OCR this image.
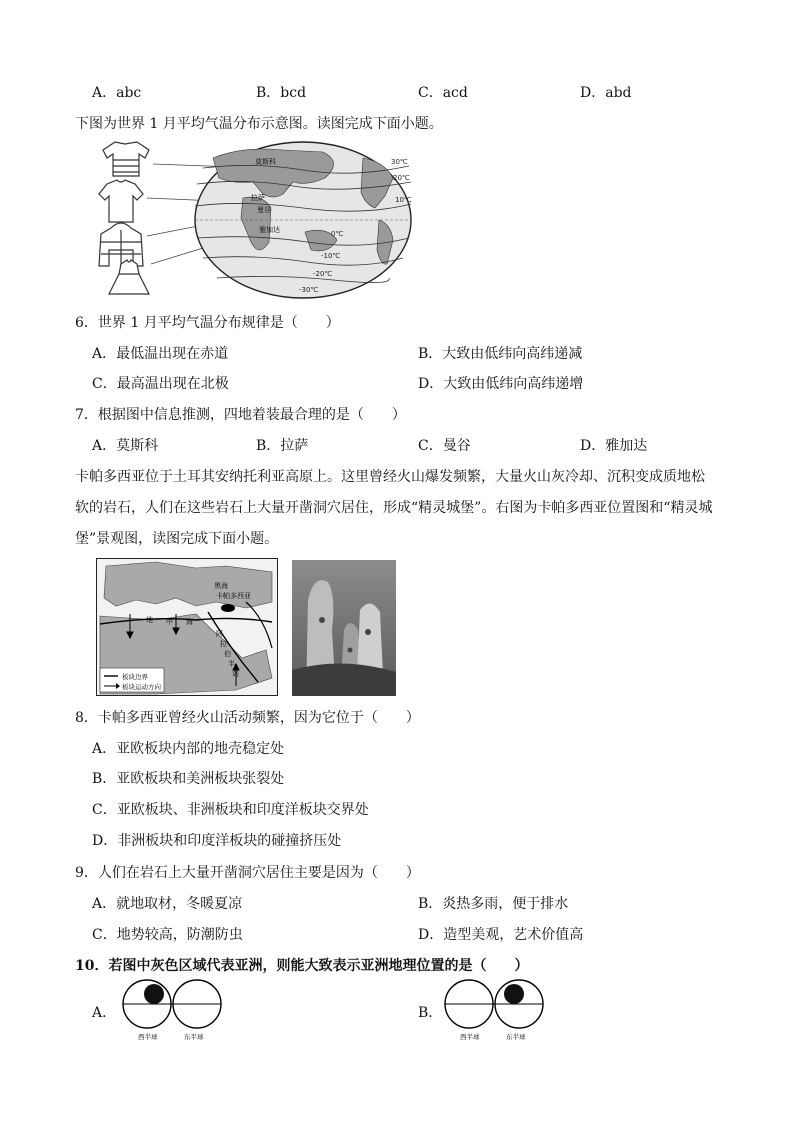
A．abc	B．bcd	C．acd	D．abd
下图为世界 1 月平均气温分布示意图。读图完成下面小题。
30℃
20℃
10℃
0℃
-10℃
-20℃
-30℃
莫斯科
拉萨
曼谷
雅加达
6．世界 1 月平均气温分布规律是（　　）
A．最低温出现在赤道	B．大致由低纬向高纬递减
C．最高温出现在北极	D．大致由低纬向高纬递增
7．根据图中信息推测，四地着装最合理的是（　　）
A．莫斯科	B．拉萨	C．曼谷	D．雅加达
卡帕多西亚位于土耳其安纳托利亚高原上。这里曾经火山爆发频繁，大量火山灰冷却、沉积变成质地松
软的岩石，人们在这些岩石上大量开凿洞穴居住，形成“精灵城堡”。右图为卡帕多西亚位置图和“精灵城
堡”景观图，读图完成下面小题。
卡帕多西亚
黑海
地 中 海
阿
拉
伯
半
岛
板块边界
板块运动方向
8．卡帕多西亚曾经火山活动频繁，因为它位于（　　）
A．亚欧板块内部的地壳稳定处
B．亚欧板块和美洲板块张裂处
C．亚欧板块、非洲板块和印度洋板块交界处
D．非洲板块和印度洋板块的碰撞挤压处
9．人们在岩石上大量开凿洞穴居住主要是因为（　　）
A．就地取材，冬暖夏凉	B．炎热多雨，便于排水
C．地势较高，防潮防虫	D．造型美观，艺术价值高
10．若图中灰色区域代表亚洲，则能大致表示亚洲地理位置的是（　　）
A．
西半球	东半球
B．
西半球	东半球
